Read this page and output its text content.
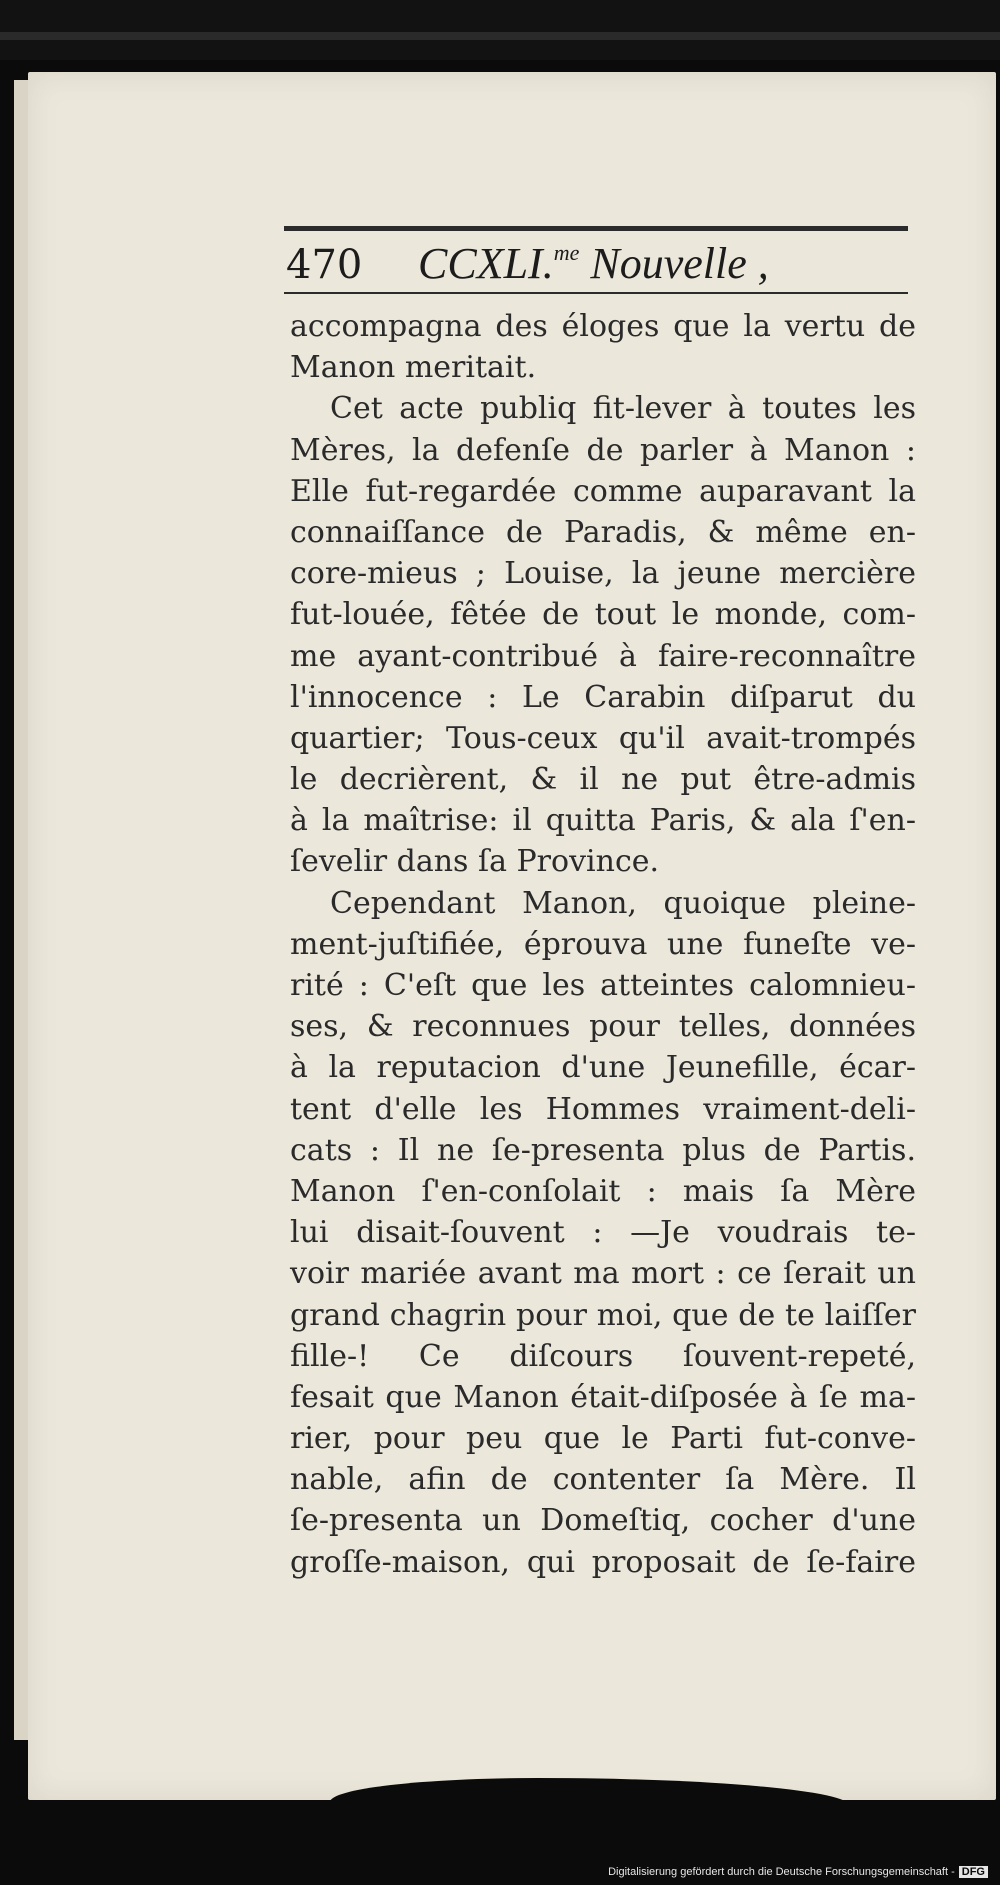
470 CCXLI.$^{me}$ Nouvelle ,
accompagna des éloges que la vertu de
Manon meritait.
Cet acte publiq fit-lever à toutes les
Mères, la defenſe de parler à Manon :
Elle fut-regardée comme auparavant la
connaiſſance de Paradis, & même en-
core-mieus ; Louise, la jeune mercière
fut-louée, fêtée de tout le monde, com-
me ayant-contribué à faire-reconnaître
l'innocence : Le Carabin diſparut du
quartier; Tous-ceux qu'il avait-trompés
le decrièrent, & il ne put être-admis
à la maîtrise: il quitta Paris, & ala ſ'en-
ſevelir dans ſa Province.
Cependant Manon, quoique pleine-
ment-juſtifiée, éprouva une funeſte ve-
rité : C'eſt que les atteintes calomnieu-
ses, & reconnues pour telles, données
à la reputacion d'une Jeunefille, écar-
tent d'elle les Hommes vraiment-deli-
cats : Il ne ſe-presenta plus de Partis.
Manon ſ'en-conſolait : mais ſa Mère
lui disait-ſouvent : —Je voudrais te-
voir mariée avant ma mort : ce ſerait un
grand chagrin pour moi, que de te laiſſer
fille-! Ce diſcours ſouvent-repeté,
fesait que Manon était-diſposée à ſe ma-
rier, pour peu que le Parti fut-conve-
nable, afin de contenter ſa Mère. Il
ſe-presenta un Domeſtiq, cocher d'une
groſſe-maison, qui proposait de ſe-faire
Digitalisierung gefördert durch die Deutsche Forschungsgemeinschaft - DFG
